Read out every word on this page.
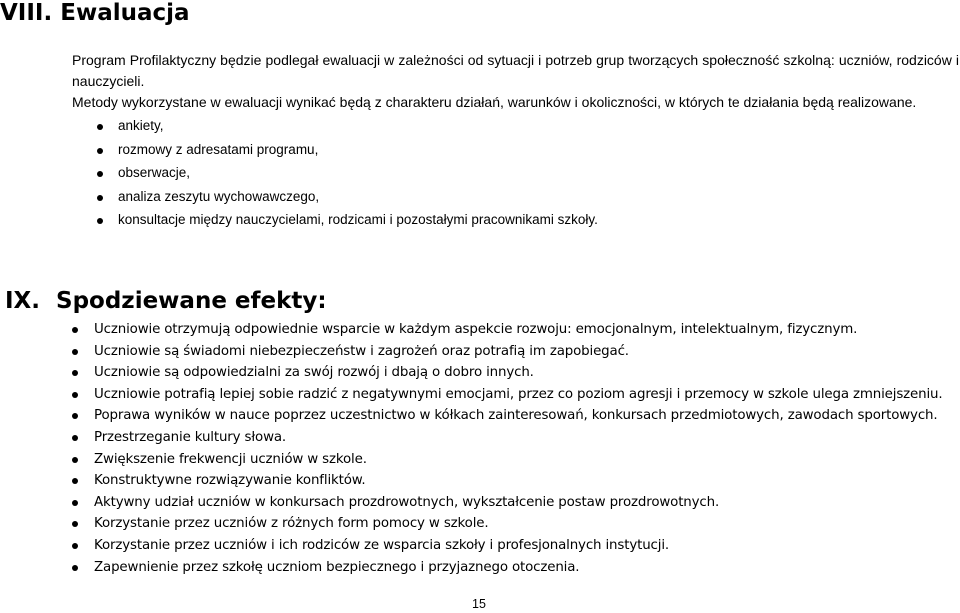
VIII. Ewaluacja

Program Profilaktyczny będzie podlegał ewaluacji w zależności od sytuacji i potrzeb grup tworzących społeczność szkolną: uczniów, rodziców i nauczycieli.

Metody wykorzystane w ewaluacji wynikać będą z charakteru działań, warunków i okoliczności, w których te działania będą realizowane.

ankiety,
rozmowy z adresatami programu,
obserwacje,
analiza zeszytu wychowawczego,
konsultacje między nauczycielami, rodzicami i pozostałymi pracownikami szkoły.
IX. Spodziewane efekty:
Uczniowie otrzymują odpowiednie wsparcie w każdym aspekcie rozwoju: emocjonalnym, intelektualnym, fizycznym.
Uczniowie są świadomi niebezpieczeństw i zagrożeń oraz potrafią im zapobiegać.
Uczniowie są odpowiedzialni za swój rozwój i dbają o dobro innych.
Uczniowie potrafią lepiej sobie radzić z negatywnymi emocjami, przez co poziom agresji i przemocy w szkole ulega zmniejszeniu.
Poprawa wyników w nauce poprzez uczestnictwo w kółkach zainteresowań, konkursach przedmiotowych, zawodach sportowych.
Przestrzeganie kultury słowa.
Zwiększenie frekwencji uczniów w szkole.
Konstruktywne rozwiązywanie konfliktów.
Aktywny udział uczniów w konkursach prozdrowotnych, wykształcenie postaw prozdrowotnych.
Korzystanie przez uczniów z różnych form pomocy w szkole.
Korzystanie przez uczniów i ich rodziców ze wsparcia szkoły i profesjonalnych instytucji.
Zapewnienie przez szkołę uczniom bezpiecznego i przyjaznego otoczenia.
15
